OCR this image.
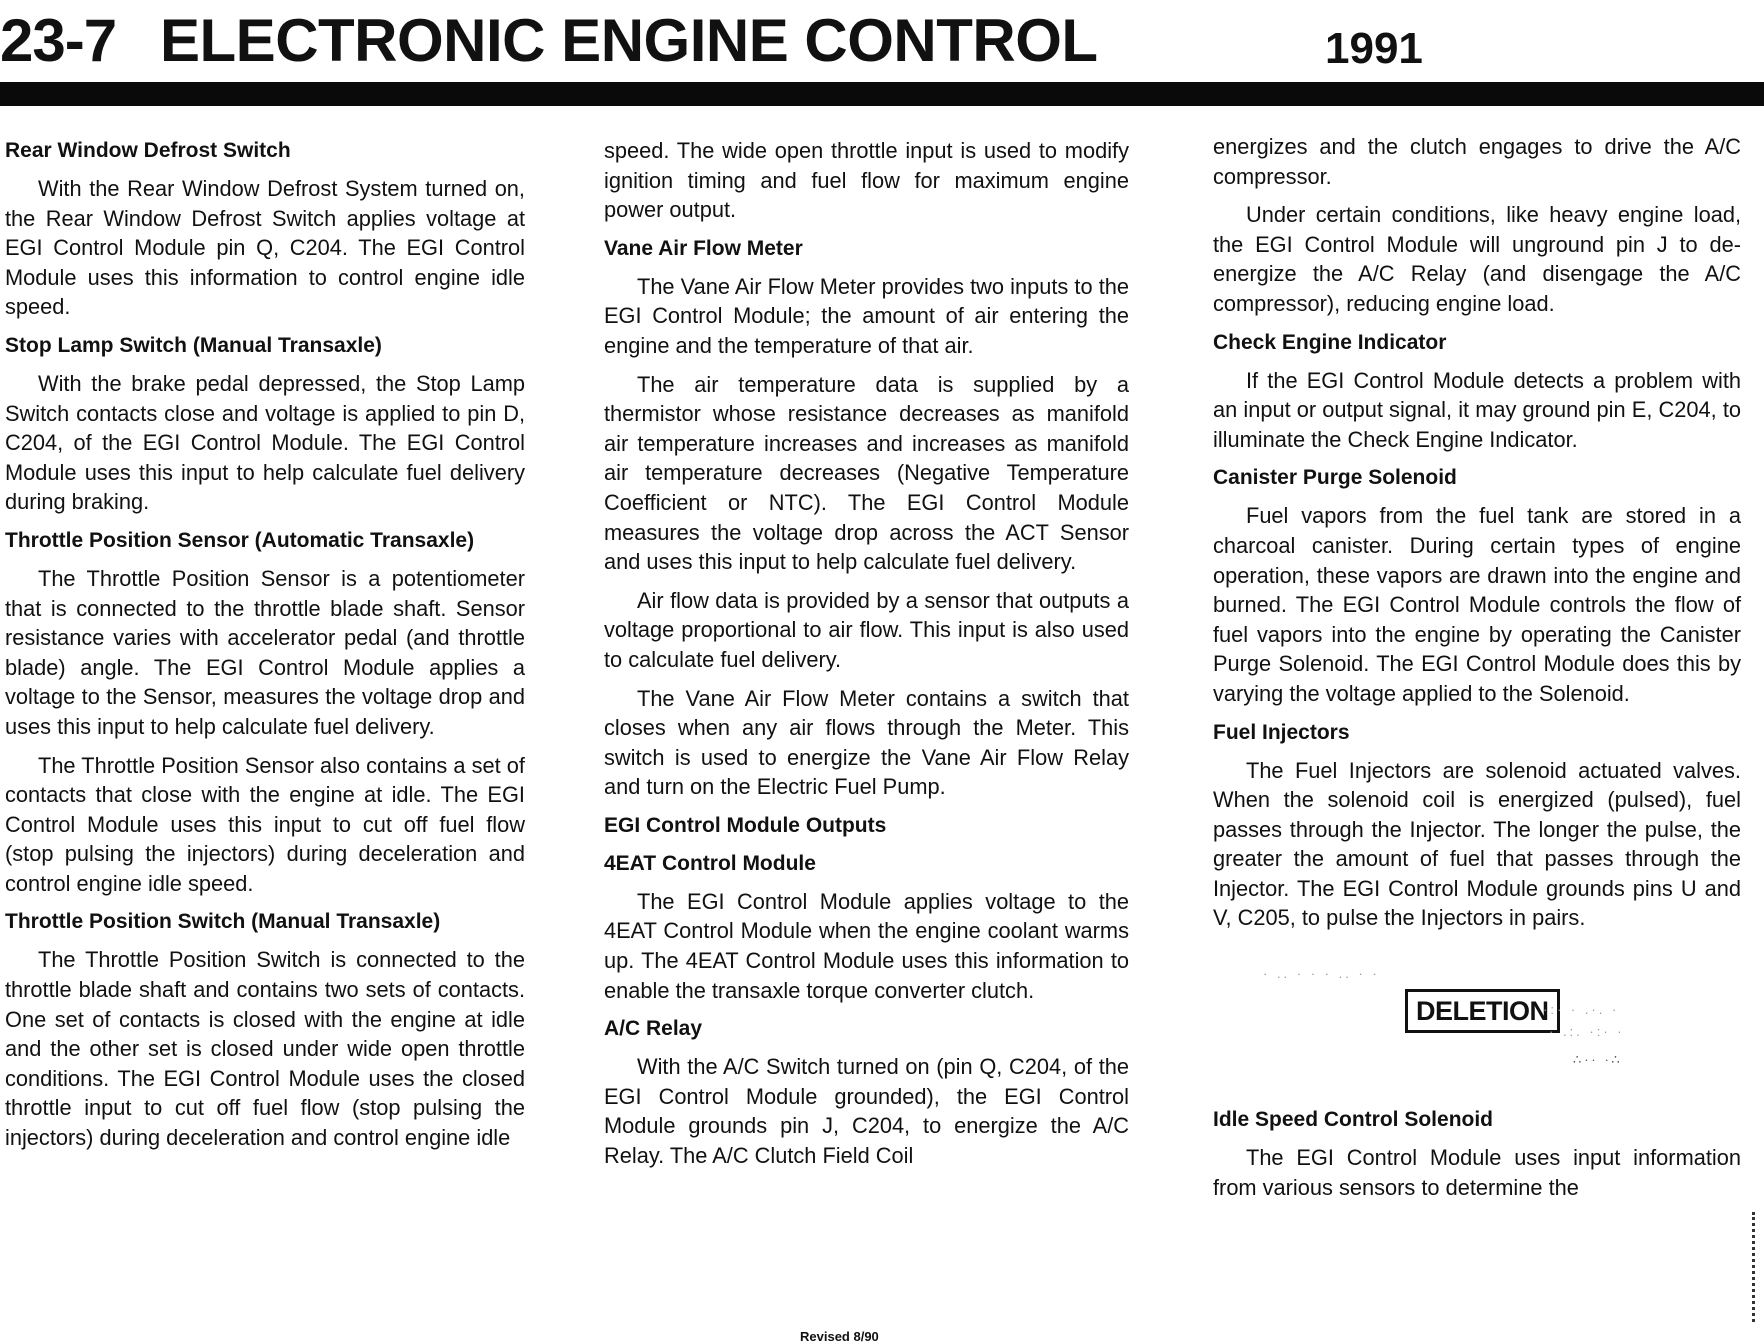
23-7 ELECTRONIC ENGINE CONTROL	1991
Rear Window Defrost Switch

With the Rear Window Defrost System turned on, the Rear Window Defrost Switch applies voltage at EGI Control Module pin Q, C204. The EGI Control Module uses this information to control engine idle speed.

Stop Lamp Switch (Manual Transaxle)

With the brake pedal depressed, the Stop Lamp Switch contacts close and voltage is applied to pin D, C204, of the EGI Control Module. The EGI Control Module uses this input to help calculate fuel delivery during braking.

Throttle Position Sensor (Automatic Transaxle)

The Throttle Position Sensor is a potentiometer that is connected to the throttle blade shaft. Sensor resistance varies with accelerator pedal (and throttle blade) angle. The EGI Control Module applies a voltage to the Sensor, measures the voltage drop and uses this input to help calculate fuel delivery.

The Throttle Position Sensor also contains a set of contacts that close with the engine at idle. The EGI Control Module uses this input to cut off fuel flow (stop pulsing the injectors) during deceleration and control engine idle speed.

Throttle Position Switch (Manual Transaxle)

The Throttle Position Switch is connected to the throttle blade shaft and contains two sets of contacts. One set of contacts is closed with the engine at idle and the other set is closed under wide open throttle conditions. The EGI Control Module uses the closed throttle input to cut off fuel flow (stop pulsing the injectors) during deceleration and control engine idle

speed. The wide open throttle input is used to modify ignition timing and fuel flow for maximum engine power output.

Vane Air Flow Meter

The Vane Air Flow Meter provides two inputs to the EGI Control Module; the amount of air entering the engine and the temperature of that air.

The air temperature data is supplied by a thermistor whose resistance decreases as manifold air temperature increases and increases as manifold air temperature decreases (Negative Temperature Coefficient or NTC). The EGI Control Module measures the voltage drop across the ACT Sensor and uses this input to help calculate fuel delivery.

Air flow data is provided by a sensor that outputs a voltage proportional to air flow. This input is also used to calculate fuel delivery.

The Vane Air Flow Meter contains a switch that closes when any air flows through the Meter. This switch is used to energize the Vane Air Flow Relay and turn on the Electric Fuel Pump.

EGI Control Module Outputs
4EAT Control Module

The EGI Control Module applies voltage to the 4EAT Control Module when the engine coolant warms up. The 4EAT Control Module uses this information to enable the transaxle torque converter clutch.

A/C Relay

With the A/C Switch turned on (pin Q, C204, of the EGI Control Module grounded), the EGI Control Module grounds pin J, C204, to energize the A/C Relay. The A/C Clutch Field Coil

energizes and the clutch engages to drive the A/C compressor.

Under certain conditions, like heavy engine load, the EGI Control Module will unground pin J to de-energize the A/C Relay (and disengage the A/C compressor), reducing engine load.

Check Engine Indicator

If the EGI Control Module detects a problem with an input or output signal, it may ground pin E, C204, to illuminate the Check Engine Indicator.

Canister Purge Solenoid

Fuel vapors from the fuel tank are stored in a charcoal canister. During certain types of engine operation, these vapors are drawn into the engine and burned. The EGI Control Module controls the flow of fuel vapors into the engine by operating the Canister Purge Solenoid. The EGI Control Module does this by varying the voltage applied to the Solenoid.

Fuel Injectors

The Fuel Injectors are solenoid actuated valves. When the solenoid coil is energized (pulsed), fuel passes through the Injector. The longer the pulse, the greater the amount of fuel that passes through the Injector. The EGI Control Module grounds pins U and V, C205, to pulse the Injectors in pairs.

· .. · · · .. · ·
DELETION
·:· · .·. ·
· .:. ·:· ·
∴·∙ ∙∴
Idle Speed Control Solenoid

The EGI Control Module uses input information from various sensors to determine the

Revised 8/90
